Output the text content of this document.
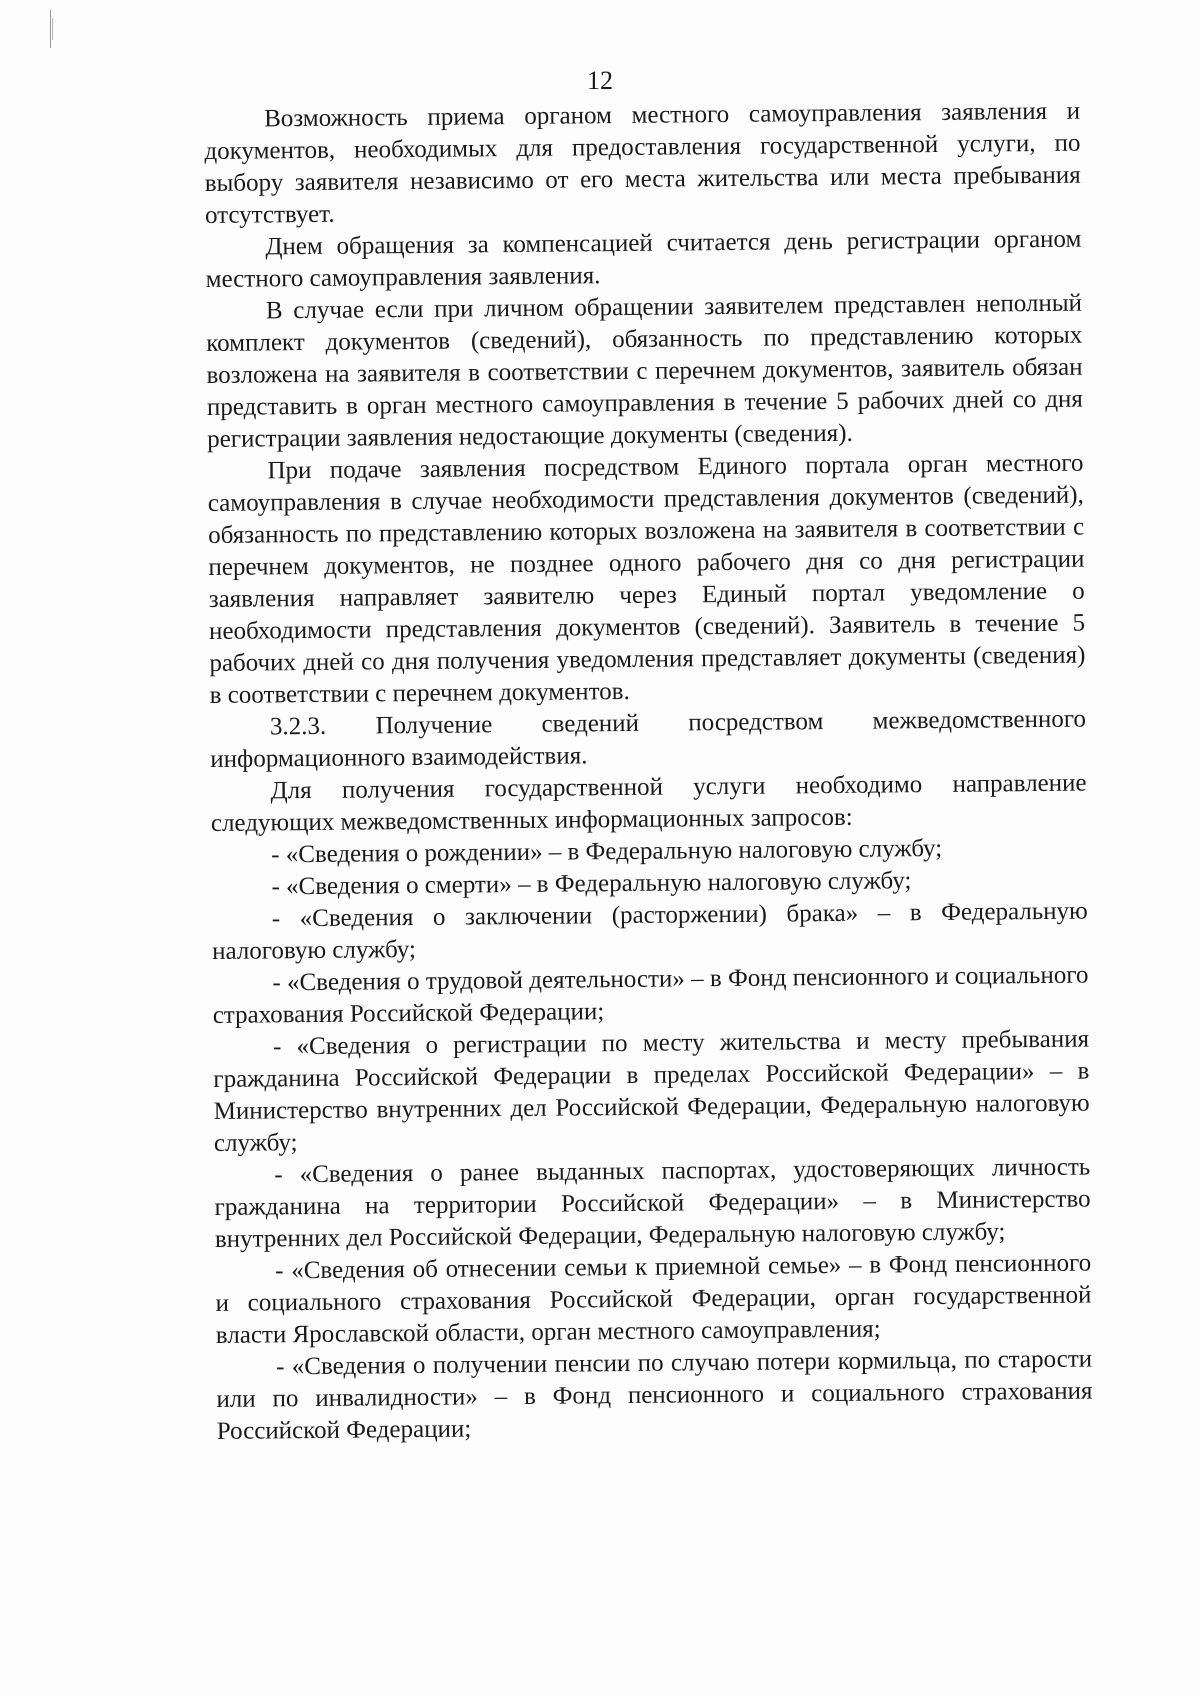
12

Возможность приема органом местного самоуправления заявления и документов, необходимых для предоставления государственной услуги, по выбору заявителя независимо от его места жительства или места пребывания отсутствует.

Днем обращения за компенсацией считается день регистрации органом местного самоуправления заявления.

В случае если при личном обращении заявителем представлен неполный комплект документов (сведений), обязанность по представлению которых возложена на заявителя в соответствии с перечнем документов, заявитель обязан представить в орган местного самоуправления в течение 5 рабочих дней со дня регистрации заявления недостающие документы (сведения).

При подаче заявления посредством Единого портала орган местного самоуправления в случае необходимости представления документов (сведений), обязанность по представлению которых возложена на заявителя в соответствии с перечнем документов, не позднее одного рабочего дня со дня регистрации заявления направляет заявителю через Единый портал уведомление о необходимости представления документов (сведений). Заявитель в течение 5 рабочих дней со дня получения уведомления представляет документы (сведения) в соответствии с перечнем документов.

3.2.3. Получение сведений посредством межведомственного информационного взаимодействия.

Для получения государственной услуги необходимо направление следующих межведомственных информационных запросов:

- «Сведения о рождении» – в Федеральную налоговую службу;

- «Сведения о смерти» – в Федеральную налоговую службу;

- «Сведения о заключении (расторжении) брака» – в Федеральную налоговую службу;

- «Сведения о трудовой деятельности» – в Фонд пенсионного и социального страхования Российской Федерации;

- «Сведения о регистрации по месту жительства и месту пребывания гражданина Российской Федерации в пределах Российской Федерации» – в Министерство внутренних дел Российской Федерации, Федеральную налоговую службу;

- «Сведения о ранее выданных паспортах, удостоверяющих личность гражданина на территории Российской Федерации» – в Министерство внутренних дел Российской Федерации, Федеральную налоговую службу;

- «Сведения об отнесении семьи к приемной семье» – в Фонд пенсионного и социального страхования Российской Федерации, орган государственной власти Ярославской области, орган местного самоуправления;

- «Сведения о получении пенсии по случаю потери кормильца, по старости или по инвалидности» – в Фонд пенсионного и социального страхования Российской Федерации;
